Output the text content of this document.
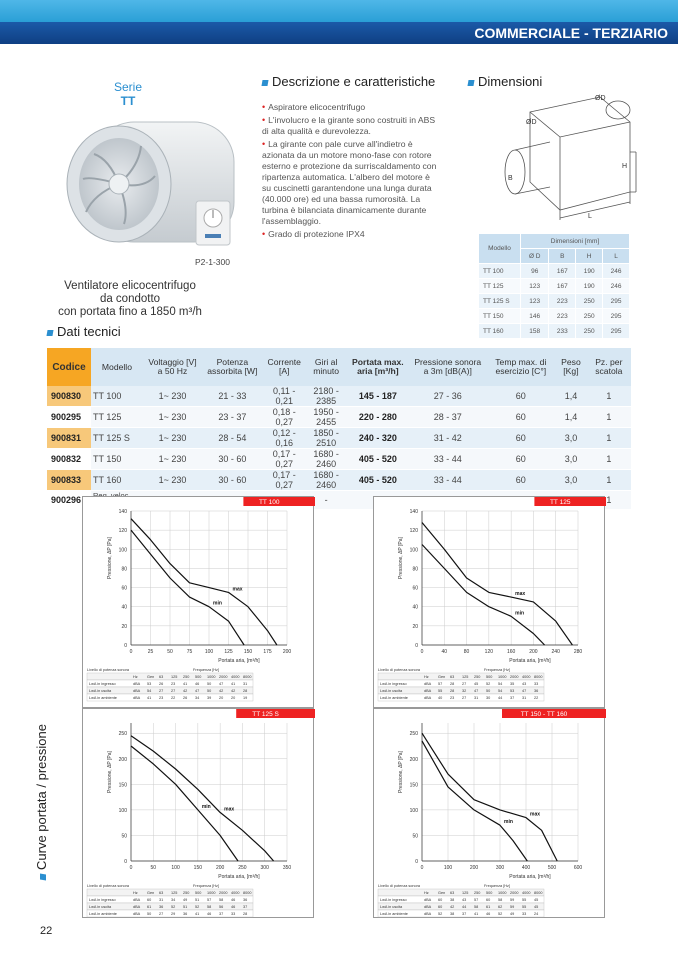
COMMERCIALE - TERZIARIO
Serie
TT
P2-1-300
Ventilatore elicocentrifugo
da condotto
con portata fino a 1850 m³/h
Dati tecnici
Descrizione e caratteristiche

• Aspiratore elicocentrifugo

• L'involucro e la girante sono costruiti in ABS di alta qualità e durevolezza.

• La girante con pale curve all'indietro è azionata da un motore mono-fase con rotore esterno e protezione da surriscaldamento con ripartenza automatica. L'albero del motore è su cuscinetti garantendone una lunga durata (40.000 ore) ed una bassa rumorosità. La turbina è bilanciata dinamicamente durante l'assemblaggio.

• Grado di protezione IPX4

Dimensioni
ØD
ØD
B
H
L
Modello	Dimensioni [mm]			
	Ø D	B	H	L
TT 100	96	167	190	246
TT 125	123	167	190	246
TT 125 S	123	223	250	295
TT 150	146	223	250	295
TT 160	158	233	250	295
Codice	Modello	Voltaggio [V] a 50 Hz	Potenza assorbita [W]	Corrente [A]	Giri al minuto	Portata max. aria [m³/h]	Pressione sonora a 3m [dB(A)]	Temp max. di esercizio [C°]	Peso [Kg]	Pz. per scatola
900830	TT 100	1~ 230	21 - 33	0,11 - 0,21	2180 - 2385	145 - 187	27 - 36	60	1,4	1
900295	TT 125	1~ 230	23 - 37	0,18 - 0,27	1950 - 2455	220 - 280	28 - 37	60	1,4	1
900831	TT 125 S	1~ 230	28 - 54	0,12 - 0,16	1850 - 2510	240 - 320	31 - 42	60	3,0	1
900832	TT 150	1~ 230	30 - 60	0,17 - 0,27	1680 - 2460	405 - 520	33 - 44	60	3,0	1
900833	TT 160	1~ 230	30 - 60	0,17 - 0,27	1680 - 2460	405 - 520	33 - 44	60	3,0	1
900296					-					1
TT 100
0	25	50	75	100 125 150 175 200
0
20
40
60
80
100
120
140
Portata aria, [m³/h]
Pressione, ΔP [Pa]
max
min
Livello di potenza sonora	Frequenza [Hz]
Hz Gen 63 125 250 500 1000 2000 4000 8000
LwA in ingresso	dBA 53 26 23 41 46 50 47 41 31
LwA in uscita	dBA 54 27 27 42 47 50 42 42 28
LwA in ambiente	dBA 41 23 22 26 34 39 20 20 19
TT 125
0	40	80	120	160	200	240	280
0
20
40
60
80
100
120
140
Portata aria, [m³/h]
Pressione, ΔP [Pa]
max
min
Livello di potenza sonora	Frequenza [Hz]
Hz Gen 63 125 250 500 1000 2000 4000 8000
LwA in ingresso	dBA 57 28 27 45 52 54 35 43 33
LwA in uscita	dBA 55 28 32 47 50 54 53 47 36
LwA in ambiente	dBA 40 23 27 31 30 44 37 31 22
TT 125 S
0	50	100	150	200	250	300	350
0
50
100
150
200
250
Portata aria, [m³/h]
Pressione, ΔP [Pa]
max
min
Livello di potenza sonora	Frequenza [Hz]
Hz Gen 63 125 250 500 1000 2000 4000 8000
LwA in ingresso	dBA 60 31 34 49 51 57 58 46 36
LwA in uscita	dBA 61 36 52 51 52 58 56 46 37
LwA in ambiente	dBA 50 27 29 36 41 46 37 33 28
TT 150 - TT 160
0	100	200	300	400	500	600
0
50
100
150
200
250
Portata aria, [m³/h]
Pressione, ΔP [Pa]
max
min
Livello di potenza sonora	Frequenza [Hz]
Hz Gen 63 125 250 500 1000 2000 4000 8000
LwA in ingresso	dBA 60 38 43 57 60 58 59 55 45
LwA in uscita	dBA 60 42 44 58 61 62 59 55 45
LwA in ambiente	dBA 52 38 37 41 46 52 49 33 24
Curve portata / pressione
22
